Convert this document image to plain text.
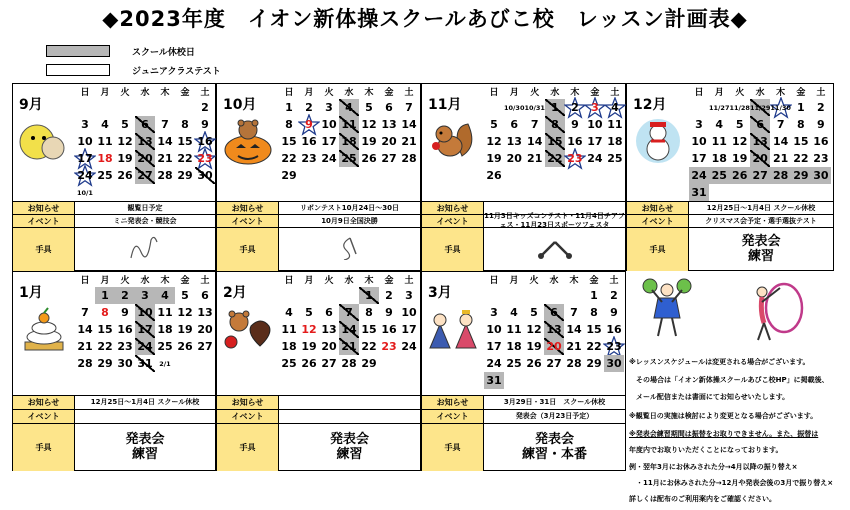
◆2023年度　イオン新体操スクールあびこ校　レッスン計画表◆
スクール休校日
ジュニアクラステスト
9月
日	月	火	水	木	金	土
						2
3	4	5	6	7	8	9
10	11	12	13	14	15	16

17	18	19	20	21	22	23

24	25	26	27	28	29	30
10/1						
お知らせ	観覧日予定
イベント	ミニ発表会・競技会
手具
10月
日	月	火	水	木	金	土
1	2	3	4	5	6	7
8	9	10	11	12	13	14
15	16	17	18	19	20	21
22	23	24	25	26	27	28
29						
お知らせ	リボンテスト10月24日～30日
イベント	10月9日全国決勝
手具
11月
日	月	火	水	木	金	土
	10/30	10/31	1	2	3	4
5	6	7	8	9	10	11
12	13	14	15	16	17	18
19	20	21	22	23	24	25
26						
お知らせ
イベント
11月3日キッズコンテスト・11月4日チアフェス・11月23日スポーツフェスタ
手具
12月
日	月	火	水	木	金	土
	11/27	11/28	11/29	11/30	1	2
3	4	5	6	7	8	9
10	11	12	13	14	15	16
17	18	19	20	21	22	23
24	25	26	27	28	29	30
31						
お知らせ	12月25日～1月4日 スクール休校
イベント	クリスマス会予定・選手選抜テスト
手具
発表会
練習
1月
日	月	火	水	木	金	土
	1	2	3	4	5	6
7	8	9	10	11	12	13
14	15	16	17	18	19	20
21	22	23	24	25	26	27
28	29	30	31	2/1		
お知らせ	12月25日～1月4日 スクール休校
イベント
手具
発表会
練習
2月
日	月	火	水	木	金	土
				1	2	3
4	5	6	7	8	9	10
11	12	13	14	15	16	17
18	19	20	21	22	23	24
25	26	27	28	29		
お知らせ
イベント
手具
発表会
練習
3月
日	月	火	水	木	金	土
					1	2
3	4	5	6	7	8	9
10	11	12	13	14	15	16
17	18	19	20	21	22	23
24	25	26	27	28	29	30
31						
お知らせ	3月29日・31日　スクール休校
イベント	発表会（3月23日予定）
手具
発表会
練習・本番
※レッスンスケジュールは変更される場合がございます。
　その場合は「イオン新体操スクールあびこ校HP」に掲載後、
　メール配信または書面にてお知らせいたします。
※観覧日の実施は検討により変更となる場合がございます。
※発表会練習期間は振替をお取りできません。また、振替は
年度内でお取りいただくことになっております。
例・翌年3月にお休みされた分→4月以降の振り替え×
　・11月にお休みされた分→12月や発表会後の3月で振り替え×
詳しくは配布のご利用案内をご確認ください。
